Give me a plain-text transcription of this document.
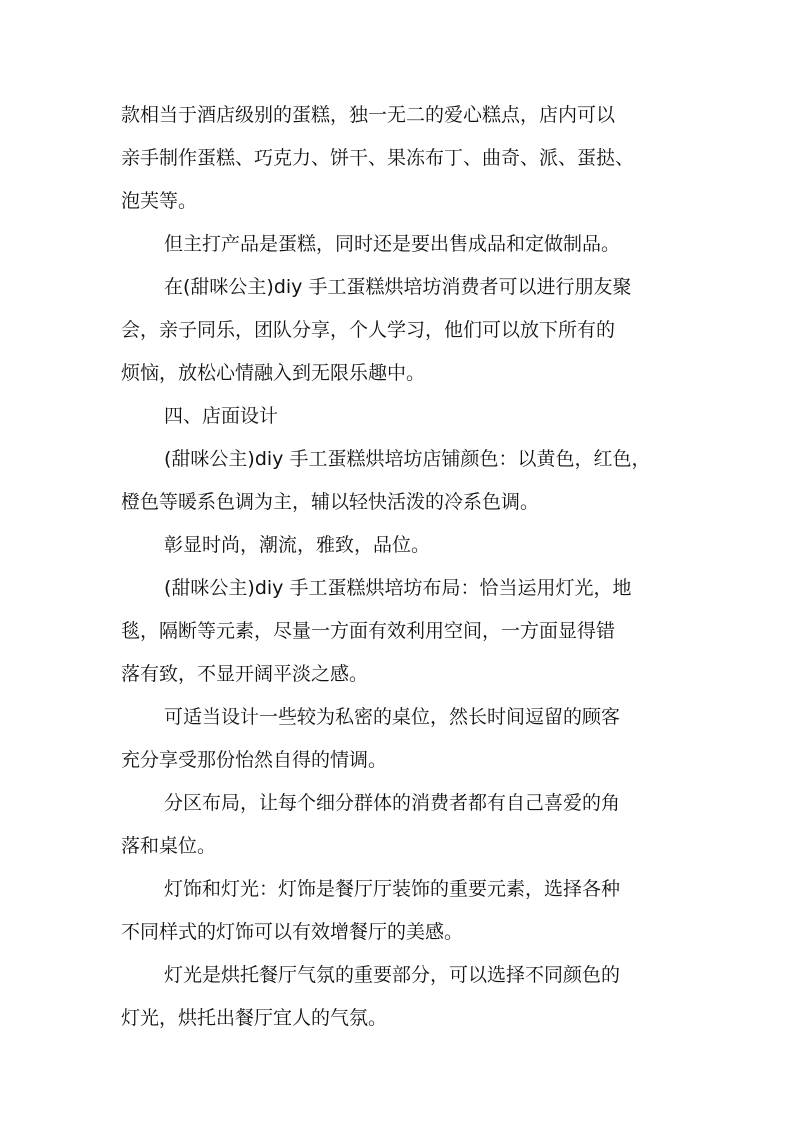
款相当于酒店级别的蛋糕，独一无二的爱心糕点，店内可以
亲手制作蛋糕、巧克力、饼干、果冻布丁、曲奇、派、蛋挞、
泡芙等。
但主打产品是蛋糕，同时还是要出售成品和定做制品。
在(甜咪公主)diy 手工蛋糕烘培坊消费者可以进行朋友聚
会，亲子同乐，团队分享，个人学习，他们可以放下所有的
烦恼，放松心情融入到无限乐趣中。
四、店面设计
(甜咪公主)diy 手工蛋糕烘培坊店铺颜色：以黄色，红色，
橙色等暖系色调为主，辅以轻快活泼的冷系色调。
彰显时尚，潮流，雅致，品位。
(甜咪公主)diy 手工蛋糕烘培坊布局：恰当运用灯光，地
毯，隔断等元素，尽量一方面有效利用空间，一方面显得错
落有致，不显开阔平淡之感。
可适当设计一些较为私密的桌位，然长时间逗留的顾客
充分享受那份怡然自得的情调。
分区布局，让每个细分群体的消费者都有自己喜爱的角
落和桌位。
灯饰和灯光：灯饰是餐厅厅装饰的重要元素，选择各种
不同样式的灯饰可以有效增餐厅的美感。
灯光是烘托餐厅气氛的重要部分，可以选择不同颜色的
灯光，烘托出餐厅宜人的气氛。
